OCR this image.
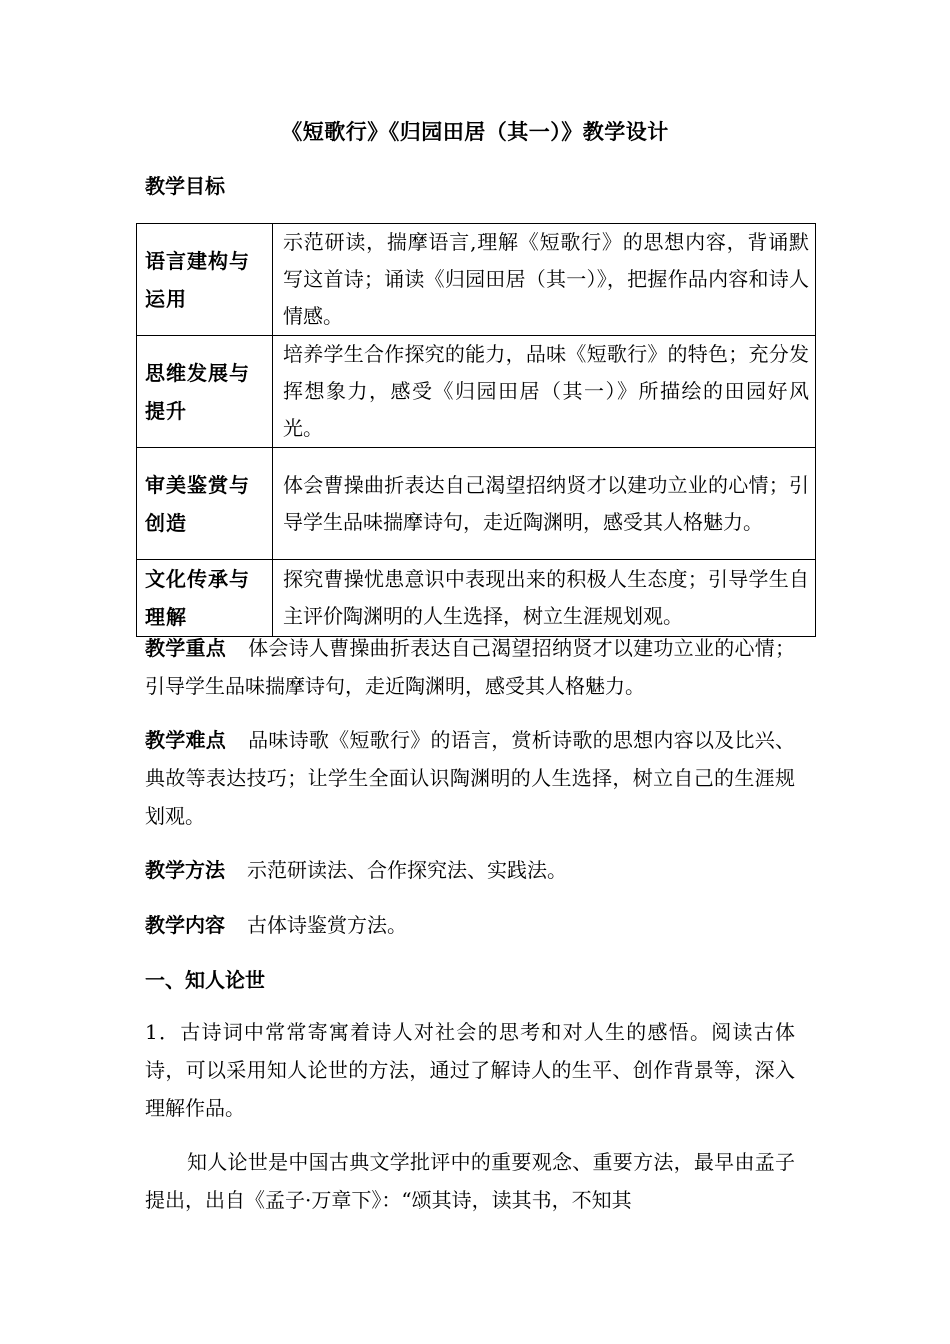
《短歌行》《归园田居（其一）》教学设计
教学目标
语言建构与运用	示范研读，揣摩语言,理解《短歌行》的思想内容，背诵默写这首诗；诵读《归园田居（其一）》，把握作品内容和诗人情感。
思维发展与提升	培养学生合作探究的能力，品味《短歌行》的特色；充分发挥想象力，感受《归园田居（其一）》所描绘的田园好风光。
审美鉴赏与创造	体会曹操曲折表达自己渴望招纳贤才以建功立业的心情；引导学生品味揣摩诗句，走近陶渊明，感受其人格魅力。
文化传承与理解	探究曹操忧患意识中表现出来的积极人生态度；引导学生自主评价陶渊明的人生选择，树立生涯规划观。
教学重点 体会诗人曹操曲折表达自己渴望招纳贤才以建功立业的心情；引导学生品味揣摩诗句，走近陶渊明，感受其人格魅力。
教学难点 品味诗歌《短歌行》的语言，赏析诗歌的思想内容以及比兴、典故等表达技巧；让学生全面认识陶渊明的人生选择，树立自己的生涯规划观。
教学方法 示范研读法、合作探究法、实践法。
教学内容 古体诗鉴赏方法。
一、知人论世
1．古诗词中常常寄寓着诗人对社会的思考和对人生的感悟。阅读古体诗，可以采用知人论世的方法，通过了解诗人的生平、创作背景等，深入理解作品。
知人论世是中国古典文学批评中的重要观念、重要方法，最早由孟子提出，出自《孟子·万章下》：“颂其诗，读其书，不知其
